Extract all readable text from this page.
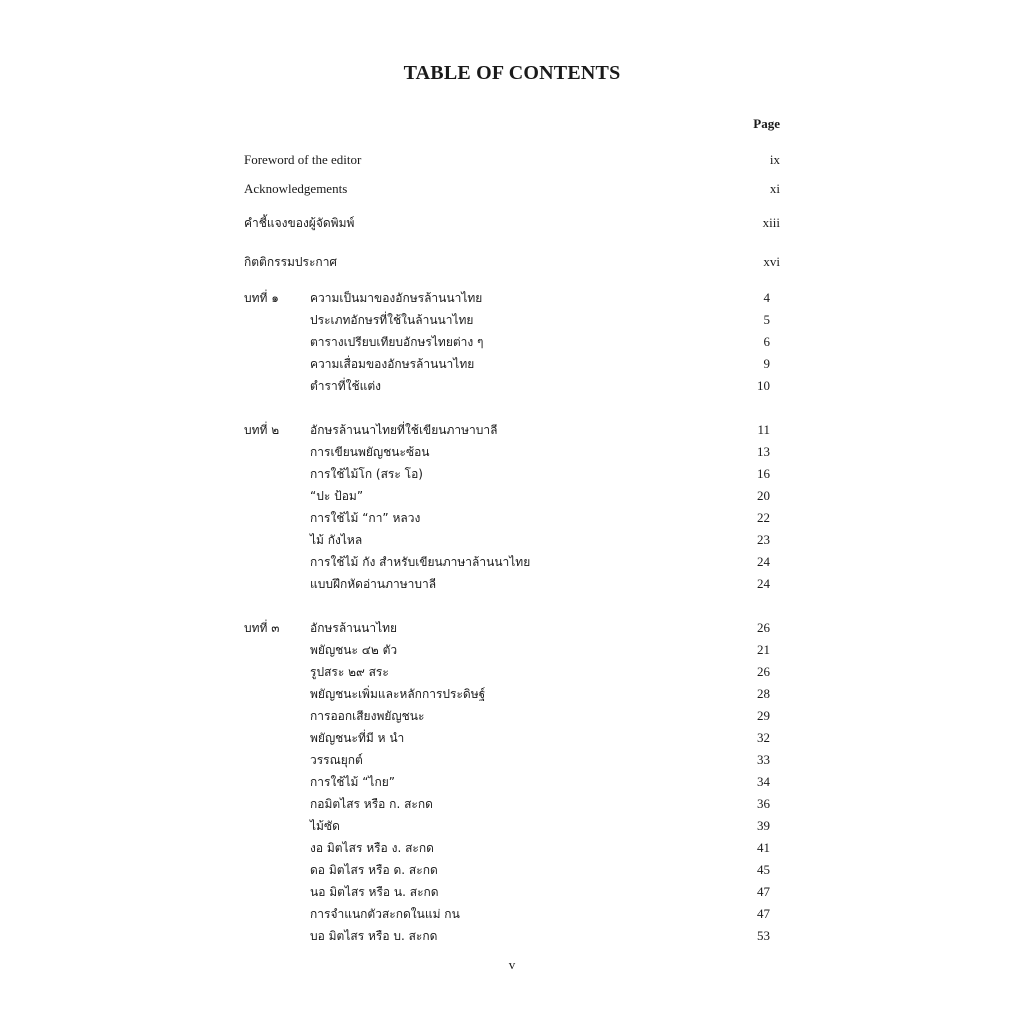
TABLE OF CONTENTS
Page
Foreword of the editor	ix
Acknowledgements	xi
คำชี้แจงของผู้จัดพิมพ์	xiii
กิตติกรรมประกาศ	xvi
บทที่ ๑	ความเป็นมาของอักษรล้านนาไทย	4
ประเภทอักษรที่ใช้ในล้านนาไทย	5
ตารางเปรียบเทียบอักษรไทยต่าง ๆ	6
ความเสื่อมของอักษรล้านนาไทย	9
ตำราที่ใช้แต่ง	10
บทที่ ๒	อักษรล้านนาไทยที่ใช้เขียนภาษาบาลี	11
การเขียนพยัญชนะซ้อน	13
การใช้ไม้โก (สระ โอ)	16
“ปะ ป้อม”	20
การใช้ไม้ “กา” หลวง	22
ไม้ กังไหล	23
การใช้ไม้ กัง สำหรับเขียนภาษาล้านนาไทย	24
แบบฝึกหัดอ่านภาษาบาลี	24
บทที่ ๓	อักษรล้านนาไทย	26
พยัญชนะ ๔๒ ตัว	21
รูปสระ ๒๙ สระ	26
พยัญชนะเพิ่มและหลักการประดิษฐ์	28
การออกเสียงพยัญชนะ	29
พยัญชนะที่มี ห นำ	32
วรรณยุกต์	33
การใช้ไม้ “ไกย”	34
กอมิตไสร หรือ ก. สะกด	36
ไม้ซัด	39
งอ มิตไสร หรือ ง. สะกด	41
ดอ มิตไสร หรือ ด. สะกด	45
นอ มิตไสร หรือ น. สะกด	47
การจำแนกตัวสะกดในแม่ กน	47
บอ มิตไสร หรือ บ. สะกด	53
v
